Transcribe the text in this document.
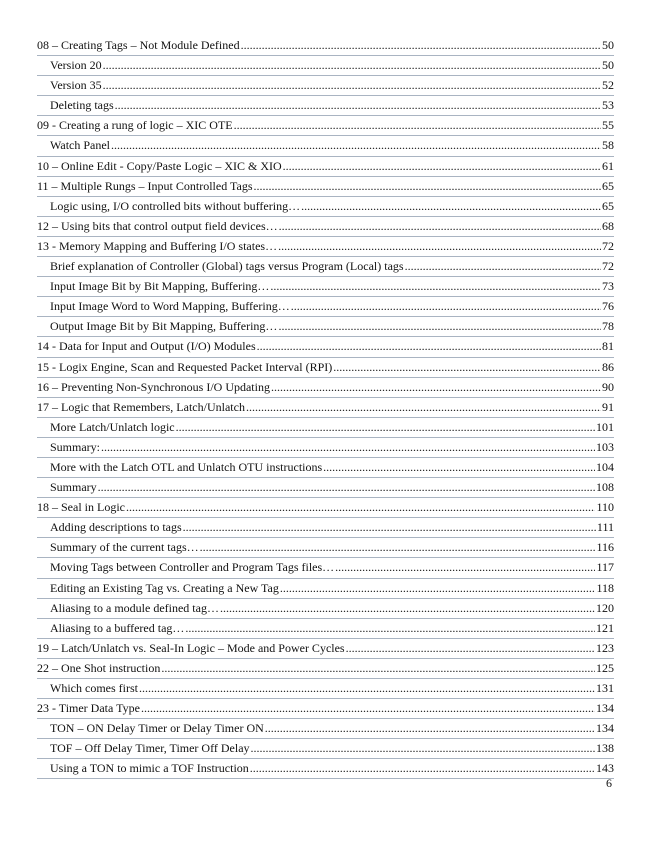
08 – Creating Tags – Not Module Defined .....	50
Version 20 .....	50
Version 35 .....	52
Deleting tags .....	53
09 - Creating a rung of logic – XIC OTE .....	55
Watch Panel .....	58
10 – Online Edit - Copy/Paste Logic – XIC & XIO .....	61
11 – Multiple Rungs – Input Controlled Tags .....	65
Logic using, I/O controlled bits without buffering… .....	65
12 – Using bits that control output field devices… .....	68
13 - Memory Mapping and Buffering I/O states… .....	72
Brief explanation of Controller (Global) tags versus Program (Local) tags .....	72
Input Image Bit by Bit Mapping, Buffering… .....	73
Input Image Word to Word Mapping, Buffering… .....	76
Output Image Bit by Bit Mapping, Buffering… .....	78
14 - Data for Input and Output (I/O) Modules .....	81
15 - Logix Engine, Scan and Requested Packet Interval (RPI) .....	86
16 – Preventing Non-Synchronous I/O Updating .....	90
17 – Logic that Remembers, Latch/Unlatch .....	91
More Latch/Unlatch logic .....	101
Summary: .....	103
More with the Latch OTL and Unlatch OTU instructions .....	104
Summary .....	108
18 – Seal in Logic .....	110
Adding descriptions to tags .....	111
Summary of the current tags… .....	116
Moving Tags between Controller and Program Tags files… .....	117
Editing an Existing Tag vs. Creating a New Tag .....	118
Aliasing to a module defined tag… .....	120
Aliasing to a buffered tag… .....	121
19 – Latch/Unlatch vs. Seal-In Logic – Mode and Power Cycles .....	123
22 – One Shot instruction .....	125
Which comes first .....	131
23 - Timer Data Type .....	134
TON – ON Delay Timer or Delay Timer ON .....	134
TOF – Off Delay Timer, Timer Off Delay .....	138
Using a TON to mimic a TOF Instruction .....	143
6
